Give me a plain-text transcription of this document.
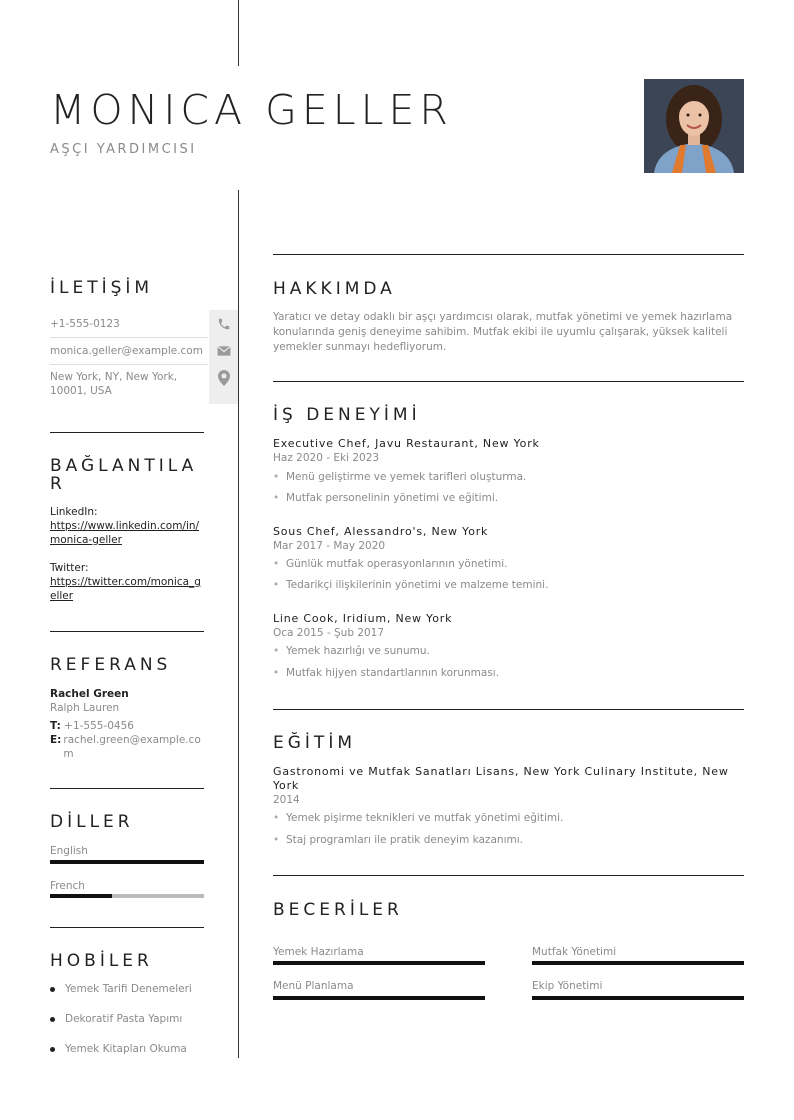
MONICA GELLER
AŞÇI YARDIMCISI
İLETİŞİM
+1-555-0123
monica.geller@example.com
New York, NY, New York, 10001, USA
BAĞLANTILA R
LinkedIn:
https://www.linkedin.com/in/monica-geller
Twitter:
https://twitter.com/monica_geller
REFERANS
Rachel Green
Ralph Lauren
T: +1-555-0456
E: rachel.green@example.com
DİLLER
English
French
HOBİLER
Yemek Tarifi Denemeleri
Dekoratif Pasta Yapımı
Yemek Kitapları Okuma
HAKKIMDA
Yaratıcı ve detay odaklı bir aşçı yardımcısı olarak, mutfak yönetimi ve yemek hazırlama konularında geniş deneyime sahibim. Mutfak ekibi ile uyumlu çalışarak, yüksek kaliteli yemekler sunmayı hedefliyorum.
İŞ DENEYİMİ
Executive Chef, Javu Restaurant, New York
Haz 2020 - Eki 2023
• Menü geliştirme ve yemek tarifleri oluşturma.
• Mutfak personelinin yönetimi ve eğitimi.
Sous Chef, Alessandro's, New York
Mar 2017 - May 2020
• Günlük mutfak operasyonlarının yönetimi.
• Tedarikçi ilişkilerinin yönetimi ve malzeme temini.
Line Cook, Iridium, New York
Oca 2015 - Şub 2017
• Yemek hazırlığı ve sunumu.
• Mutfak hijyen standartlarının korunması.
EĞİTİM
Gastronomi ve Mutfak Sanatları Lisans, New York Culinary Institute, New York
2014
• Yemek pişirme teknikleri ve mutfak yönetimi eğitimi.
• Staj programları ile pratik deneyim kazanımı.
BECERİLER
Yemek Hazırlama	Mutfak Yönetimi
Menü Planlama	Ekip Yönetimi
